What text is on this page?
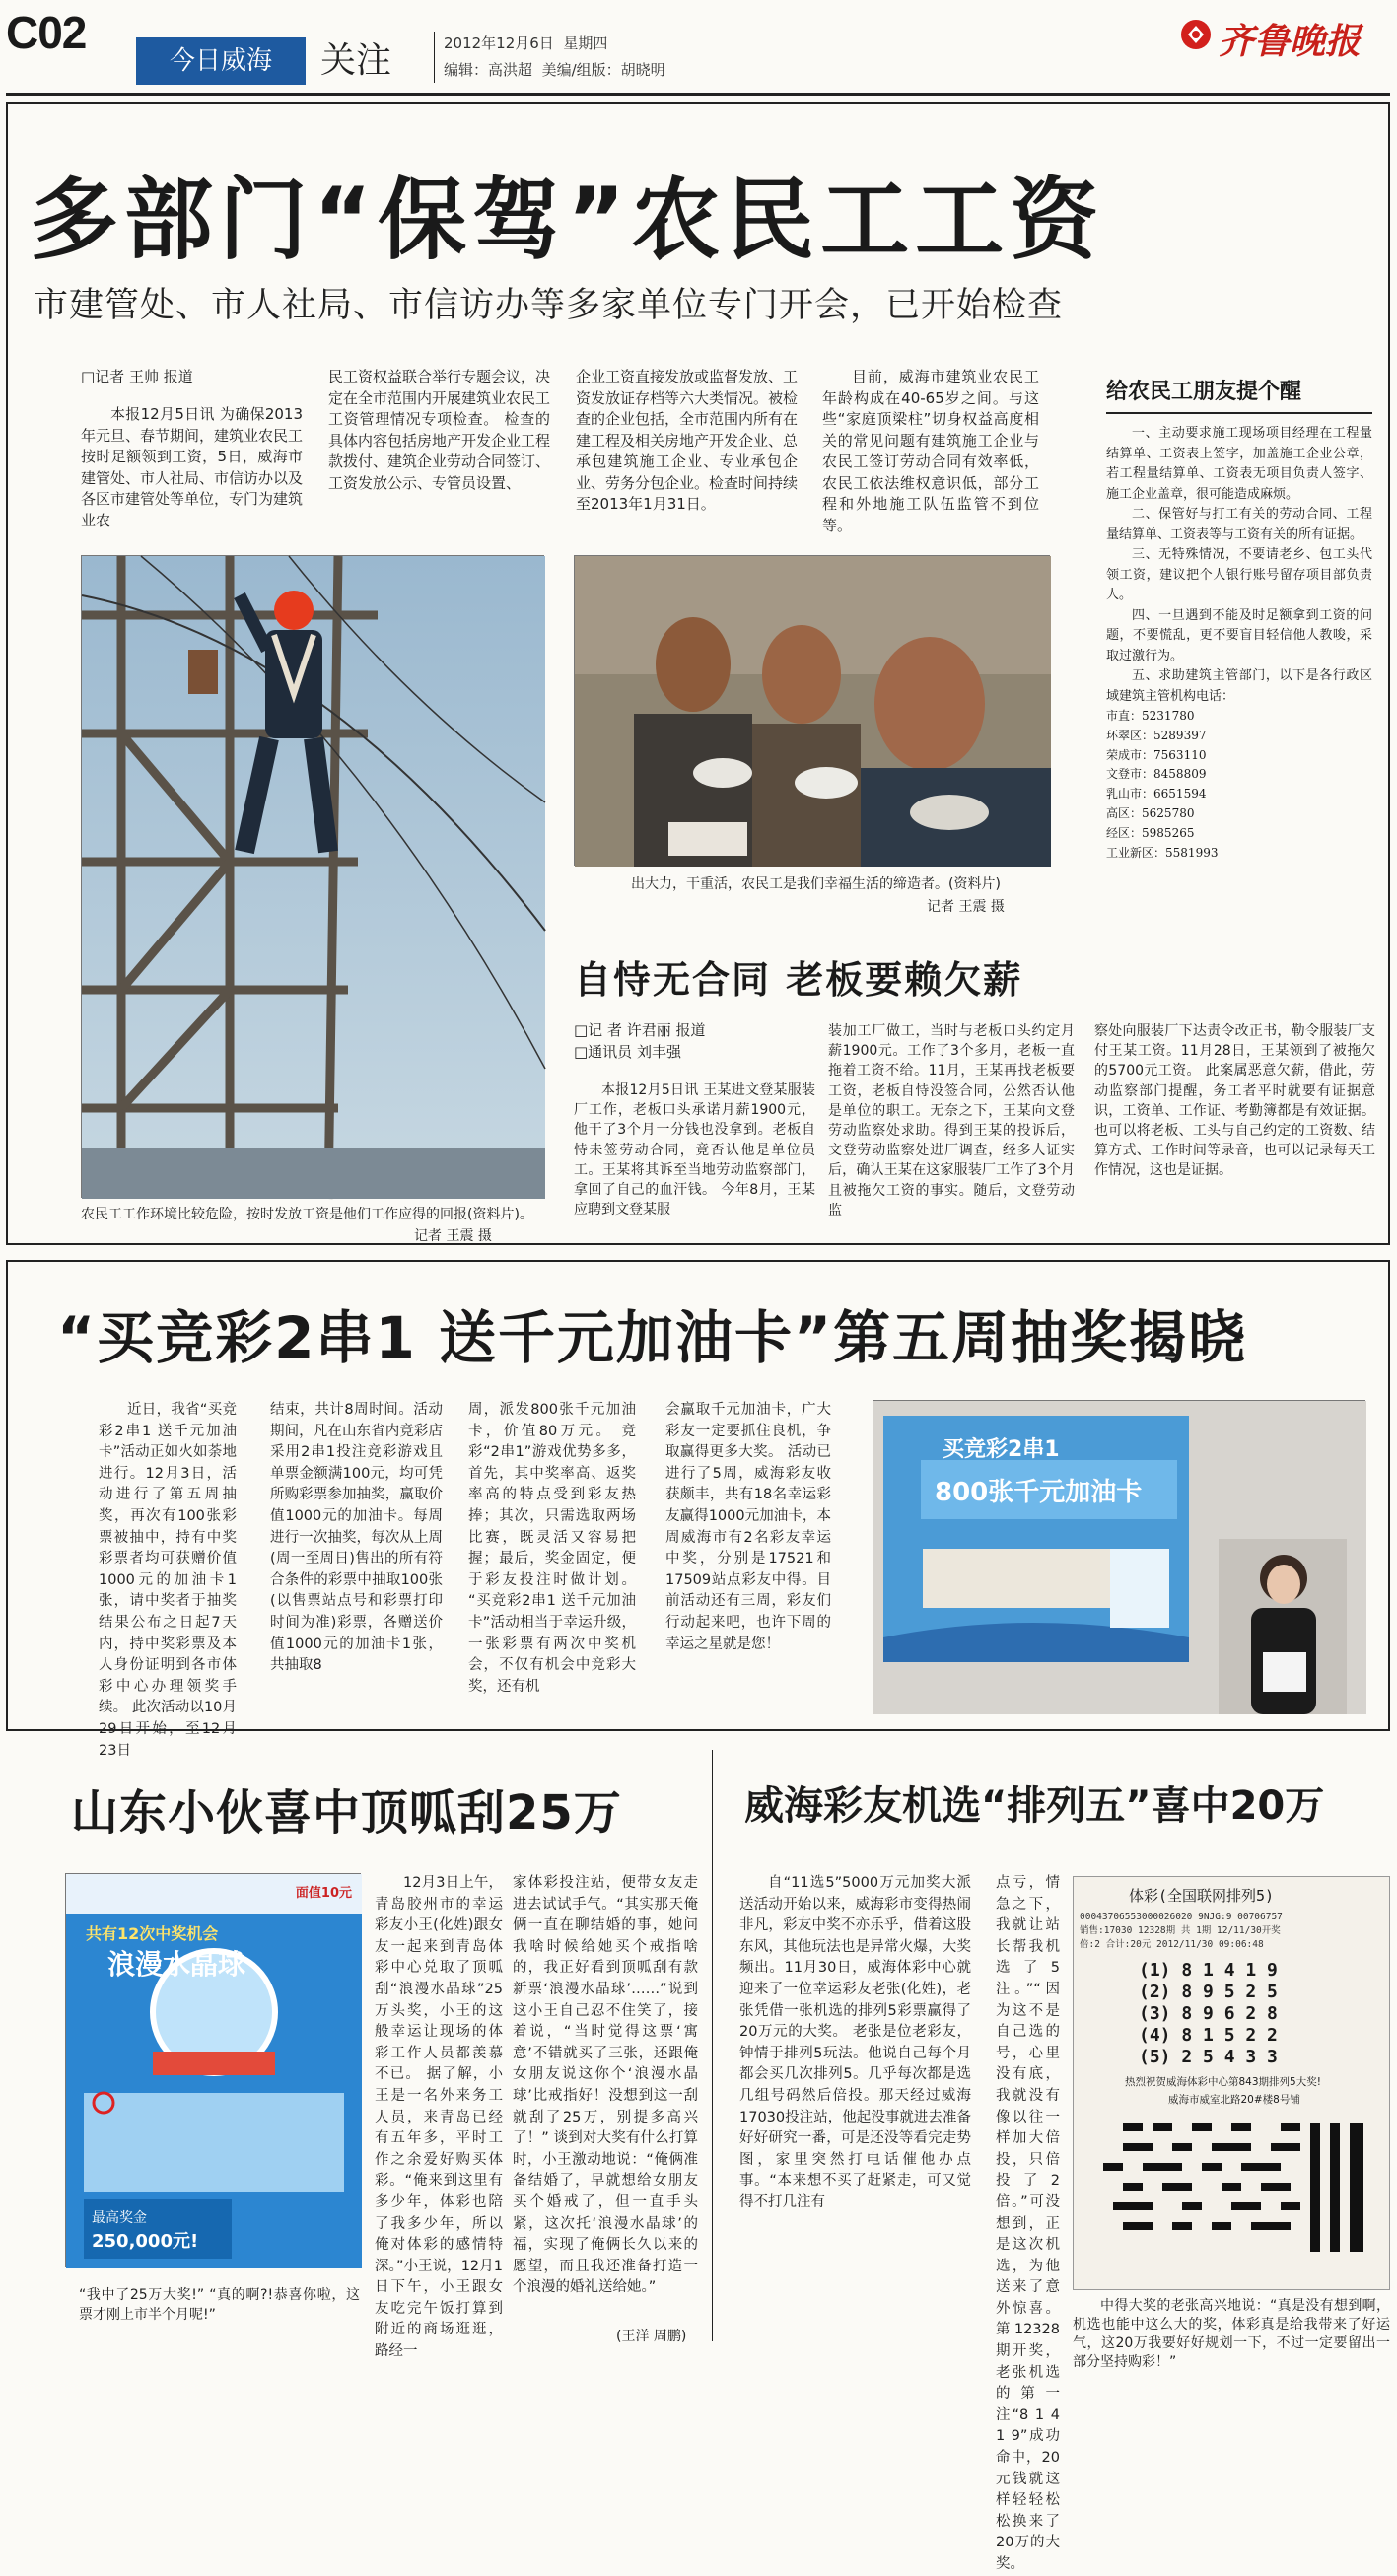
C02
今日威海	关注	2012年12月6日 星期四
编辑：高洪超 美编/组版：胡晓明
齐鲁晚报
多部门“保驾”农民工工资
市建管处、市人社局、市信访办等多家单位专门开会，已开始检查
□记者 王帅 报道
本报12月5日讯 为确保2013年元旦、春节期间，建筑业农民工按时足额领到工资，5日，威海市建管处、市人社局、市信访办以及各区市建管处等单位，专门为建筑业农
民工资权益联合举行专题会议，决定在全市范围内开展建筑业农民工工资管理情况专项检查。 检查的具体内容包括房地产开发企业工程款拨付、建筑企业劳动合同签订、工资发放公示、专管员设置、
企业工资直接发放或监督发放、工资发放证存档等六大类情况。被检查的企业包括，全市范围内所有在建工程及相关房地产开发企业、总承包建筑施工企业、专业承包企业、劳务分包企业。检查时间持续至2013年1月31日。
目前，威海市建筑业农民工年龄构成在40-65岁之间。与这些“家庭顶梁柱”切身权益高度相关的常见问题有建筑施工企业与农民工签订劳动合同有效率低，农民工依法维权意识低，部分工程和外地施工队伍监管不到位等。
农民工工作环境比较危险，按时发放工资是他们工作应得的回报(资料片)。
记者 王震 摄
出大力，干重活，农民工是我们幸福生活的缔造者。(资料片)
记者 王震 摄
给农民工朋友提个醒
一、主动要求施工现场项目经理在工程量结算单、工资表上签字，加盖施工企业公章，若工程量结算单、工资表无项目负责人签字、施工企业盖章，很可能造成麻烦。
二、保管好与打工有关的劳动合同、工程量结算单、工资表等与工资有关的所有证据。
三、无特殊情况，不要请老乡、包工头代领工资，建议把个人银行账号留存项目部负责人。
四、一旦遇到不能及时足额拿到工资的问题，不要慌乱，更不要盲目轻信他人教唆，采取过激行为。
五、求助建筑主管部门，以下是各行政区域建筑主管机构电话：
市直：5231780
环翠区：5289397
荣成市：7563110
文登市：8458809
乳山市：6651594
高区：5625780
经区：5985265
工业新区：5581993
自恃无合同 老板要赖欠薪
□记 者 许君丽 报道
□通讯员 刘丰强
本报12月5日讯 王某进文登某服装厂工作，老板口头承诺月薪1900元，他干了3个月一分钱也没拿到。老板自恃未签劳动合同，竟否认他是单位员工。王某将其诉至当地劳动监察部门，拿回了自己的血汗钱。 今年8月，王某应聘到文登某服
装加工厂做工，当时与老板口头约定月薪1900元。工作了3个多月，老板一直拖着工资不给。11月，王某再找老板要工资，老板自恃没签合同，公然否认他是单位的职工。无奈之下，王某向文登劳动监察处求助。得到王某的投诉后，文登劳动监察处进厂调查，经多人证实后，确认王某在这家服装厂工作了3个月且被拖欠工资的事实。随后，文登劳动监
察处向服装厂下达责令改正书，勒令服装厂支付王某工资。11月28日，王某领到了被拖欠的5700元工资。 此案属恶意欠薪，借此，劳动监察部门提醒，务工者平时就要有证据意识，工资单、工作证、考勤簿都是有效证据。也可以将老板、工头与自己约定的工资数、结算方式、工作时间等录音，也可以记录每天工作情况，这也是证据。
“买竞彩2串1 送千元加油卡”第五周抽奖揭晓
近日，我省“买竞彩2串1 送千元加油卡”活动正如火如荼地进行。12月3日，活动进行了第五周抽奖，再次有100张彩票被抽中，持有中奖彩票者均可获赠价值1000元的加油卡1张，请中奖者于抽奖结果公布之日起7天内，持中奖彩票及本人身份证明到各市体彩中心办理领奖手续。 此次活动以10月29日开始，至12月23日
结束，共计8周时间。活动期间，凡在山东省内竞彩店采用2串1投注竞彩游戏且单票金额满100元，均可凭所购彩票参加抽奖，赢取价值1000元的加油卡。每周进行一次抽奖，每次从上周(周一至周日)售出的所有符合条件的彩票中抽取100张(以售票站点号和彩票打印时间为准)彩票，各赠送价值1000元的加油卡1张，共抽取8
周，派发800张千元加油卡，价值80万元。 竞彩“2串1”游戏优势多多，首先，其中奖率高、返奖率高的特点受到彩友热捧；其次，只需选取两场比赛，既灵活又容易把握；最后，奖金固定，便于彩友投注时做计划。 “买竞彩2串1 送千元加油卡”活动相当于幸运升级，一张彩票有两次中奖机会，不仅有机会中竞彩大奖，还有机
会赢取千元加油卡，广大彩友一定要抓住良机，争取赢得更多大奖。 活动已进行了5周，威海彩友收获颇丰，共有18名幸运彩友赢得1000元加油卡，本周威海市有2名彩友幸运中奖，分别是17521和17509站点彩友中得。目前活动还有三周，彩友们行动起来吧，也许下周的幸运之星就是您！
买竞彩2串1
800张千元加油卡
山东小伙喜中顶呱刮25万
面值10元
共有12次中奖机会
浪漫水晶球
最高奖金
250,000元!
“我中了25万大奖!” “真的啊?!恭喜你啦，这票才刚上市半个月呢!”
12月3日上午，青岛胶州市的幸运彩友小王(化姓)跟女友一起来到青岛体彩中心兑取了顶呱刮“浪漫水晶球”25万头奖，小王的这般幸运让现场的体彩工作人员都羡慕不已。 据了解，小王是一名外来务工人员，来青岛已经有五年多，平时工作之余爱好购买体彩。“俺来到这里有多少年，体彩也陪了我多少年，所以俺对体彩的感情特深。”小王说，12月1日下午，小王跟女友吃完午饭打算到附近的商场逛逛，路经一
家体彩投注站，便带女友走进去试试手气。“其实那天俺俩一直在聊结婚的事，她问我啥时候给她买个戒指啥的，我正好看到顶呱刮有款新票‘浪漫水晶球’……”说到这小王自己忍不住笑了，接着说，“当时觉得这票‘寓意’不错就买了三张，还跟俺女朋友说这你个‘浪漫水晶球’比戒指好！没想到这一刮就刮了25万，别提多高兴了！” 谈到对大奖有什么打算时，小王激动地说：“俺俩准备结婚了，早就想给女朋友买个婚戒了，但一直手头紧，这次托‘浪漫水晶球’的福，实现了俺俩长久以来的愿望，而且我还准备打造一个浪漫的婚礼送给她。”
(王洋 周鹏)
威海彩友机选“排列五”喜中20万
自“11选5”5000万元加奖大派送活动开始以来，威海彩市变得热闹非凡，彩友中奖不亦乐乎，借着这股东风，其他玩法也是异常火爆，大奖频出。11月30日，威海体彩中心就迎来了一位幸运彩友老张(化姓)，老张凭借一张机选的排列5彩票赢得了20万元的大奖。 老张是位老彩友，钟情于排列5玩法。他说自己每个月都会买几次排列5。几乎每次都是选几组号码然后倍投。那天经过威海17030投注站，他起没事就进去准备好好研究一番，可是还没等看完走势图，家里突然打电话催他办点事。“本来想不买了赶紧走，可又觉得不打几注有
点亏，情急之下，我就让站长帮我机选了5注。”“因为这不是自己选的号，心里没有底，我就没有像以往一样加大倍投，只倍投了2倍。”可没想到，正是这次机选，为他送来了意外惊喜。第12328期开奖，老张机选的第一注“8 1 4 1 9”成功命中，20元钱就这样轻轻松松换来了20万的大奖。
体彩(全国联网排列5)
00043706553000026020 9NJG:9 00706757
销售:17030 12328期 共 1期 12/11/30开奖
倍:2 合计:20元 2012/11/30 09:06:48
(1) 8 1 4 1 9
(2) 8 9 5 2 5
(3) 8 9 6 2 8
(4) 8 1 5 2 2
(5) 2 5 4 3 3
热烈祝贺威海体彩中心第843期排列5大奖!
威海市威室北路20#楼8号铺
中得大奖的老张高兴地说：“真是没有想到啊，机选也能中这么大的奖，体彩真是给我带来了好运气，这20万我要好好规划一下，不过一定要留出一部分坚持购彩！”
